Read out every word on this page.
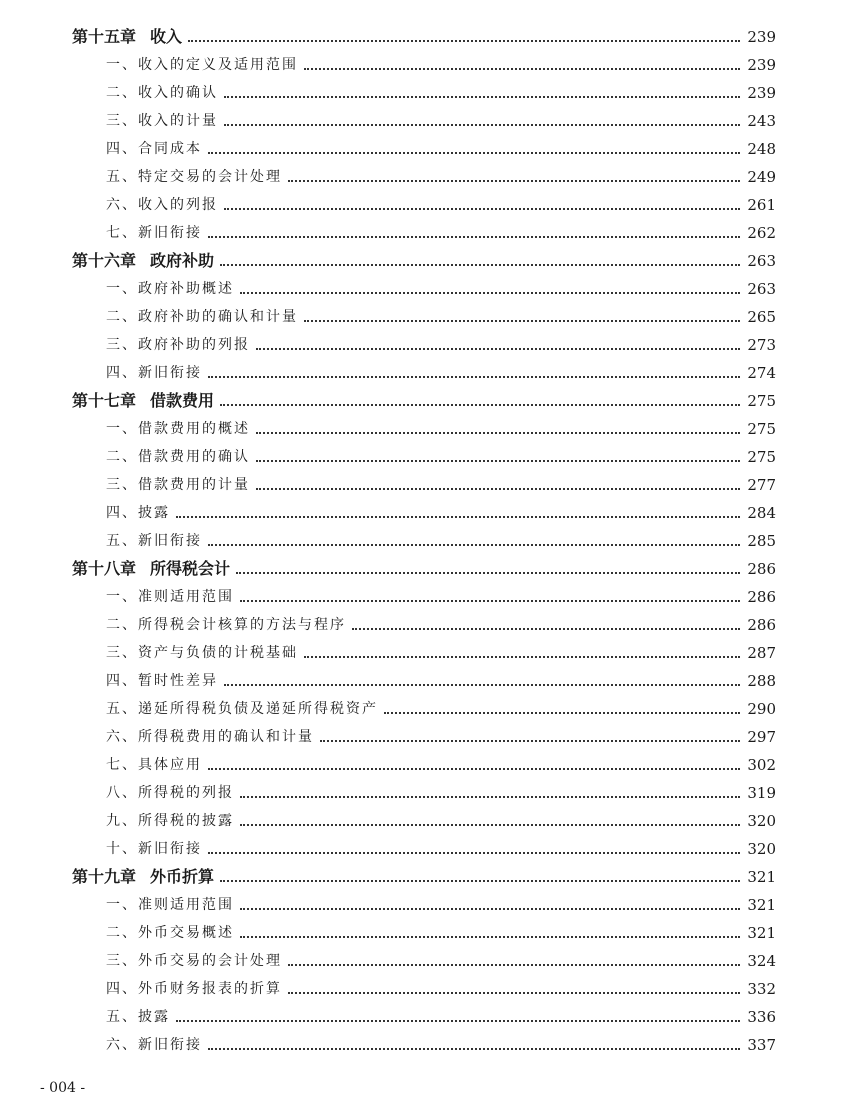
第十五章 收入	239
一、收入的定义及适用范围	239
二、收入的确认	239
三、收入的计量	243
四、合同成本	248
五、特定交易的会计处理	249
六、收入的列报	261
七、新旧衔接	262
第十六章 政府补助	263
一、政府补助概述	263
二、政府补助的确认和计量	265
三、政府补助的列报	273
四、新旧衔接	274
第十七章 借款费用	275
一、借款费用的概述	275
二、借款费用的确认	275
三、借款费用的计量	277
四、披露	284
五、新旧衔接	285
第十八章 所得税会计	286
一、准则适用范围	286
二、所得税会计核算的方法与程序	286
三、资产与负债的计税基础	287
四、暂时性差异	288
五、递延所得税负债及递延所得税资产	290
六、所得税费用的确认和计量	297
七、具体应用	302
八、所得税的列报	319
九、所得税的披露	320
十、新旧衔接	320
第十九章 外币折算	321
一、准则适用范围	321
二、外币交易概述	321
三、外币交易的会计处理	324
四、外币财务报表的折算	332
五、披露	336
六、新旧衔接	337
- 004 -
